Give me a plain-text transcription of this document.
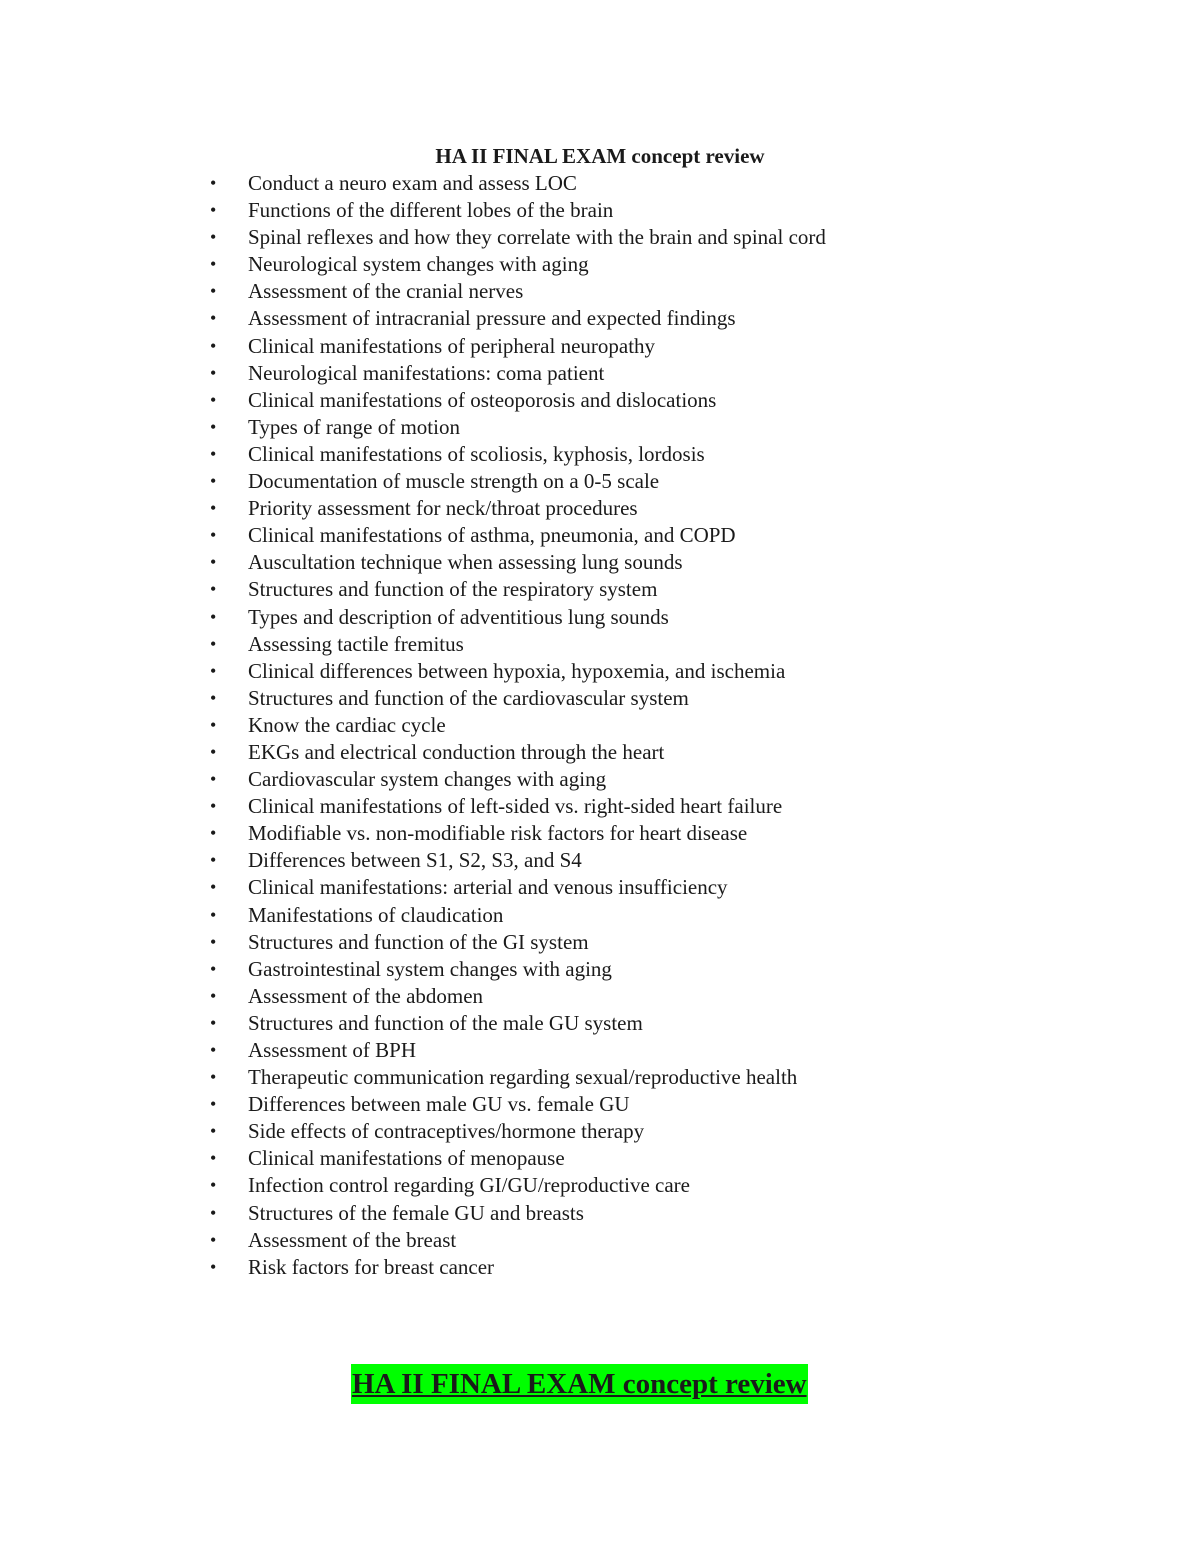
HA II FINAL EXAM concept review
• Conduct a neuro exam and assess LOC
• Functions of the different lobes of the brain
• Spinal reflexes and how they correlate with the brain and spinal cord
• Neurological system changes with aging
• Assessment of the cranial nerves
• Assessment of intracranial pressure and expected findings
• Clinical manifestations of peripheral neuropathy
• Neurological manifestations: coma patient
• Clinical manifestations of osteoporosis and dislocations
• Types of range of motion
• Clinical manifestations of scoliosis, kyphosis, lordosis
• Documentation of muscle strength on a 0-5 scale
• Priority assessment for neck/throat procedures
• Clinical manifestations of asthma, pneumonia, and COPD
• Auscultation technique when assessing lung sounds
• Structures and function of the respiratory system
• Types and description of adventitious lung sounds
• Assessing tactile fremitus
• Clinical differences between hypoxia, hypoxemia, and ischemia
• Structures and function of the cardiovascular system
• Know the cardiac cycle
• EKGs and electrical conduction through the heart
• Cardiovascular system changes with aging
• Clinical manifestations of left-sided vs. right-sided heart failure
• Modifiable vs. non-modifiable risk factors for heart disease
• Differences between S1, S2, S3, and S4
• Clinical manifestations: arterial and venous insufficiency
• Manifestations of claudication
• Structures and function of the GI system
• Gastrointestinal system changes with aging
• Assessment of the abdomen
• Structures and function of the male GU system
• Assessment of BPH
• Therapeutic communication regarding sexual/reproductive health
• Differences between male GU vs. female GU
• Side effects of contraceptives/hormone therapy
• Clinical manifestations of menopause
• Infection control regarding GI/GU/reproductive care
• Structures of the female GU and breasts
• Assessment of the breast
• Risk factors for breast cancer
HA II FINAL EXAM concept review
